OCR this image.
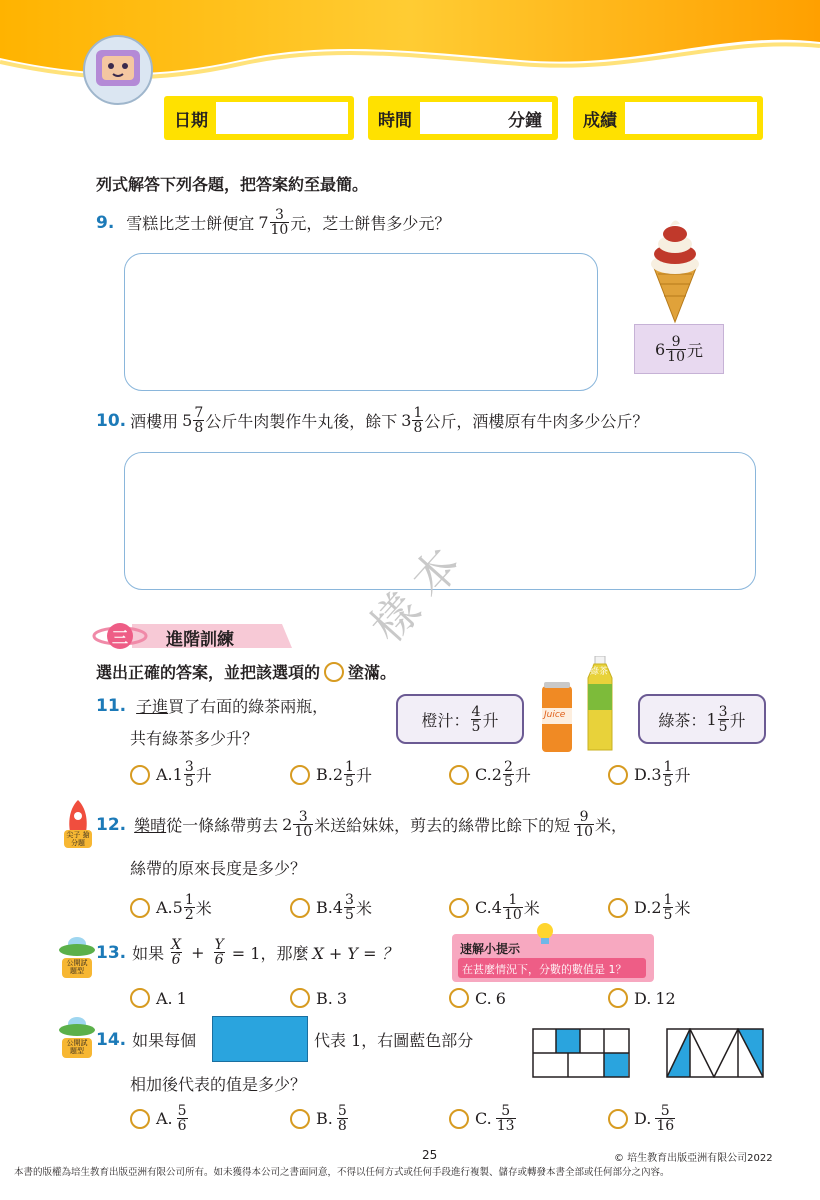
日期	時間	分鐘 成績
列式解答下列各題，把答案約至最簡。
9. 雪糕比芝士餅便宜 $7 \frac{3}{10}$ 元，芝士餅售多少元？
$6 \frac{9}{10}$ 元
10. 酒樓用 $5 \frac{7}{8}$ 公斤牛肉製作牛丸後，餘下 $3 \frac{1}{8}$ 公斤，酒樓原有牛肉多少公斤？
樣 本
三 進階訓練
選出正確的答案，並把該選項的 塗滿。
11. 子進 買了右面的綠茶兩瓶，
共有綠茶多少升？
橙汁： $\frac{4}{5}$ 升	Juice
綠茶
綠茶： $1 \frac{3}{5}$ 升
A. $1 \frac{3}{5}$ 升	B. $2 \frac{1}{5}$ 升	C. $2 \frac{2}{5}$ 升	D. $3 \frac{1}{5}$ 升
尖子 搶分題
12. 樂晴 從一條絲帶剪去 $2 \frac{3}{10}$ 米送給妹妹，剪去的絲帶比餘下的短 $\frac{9}{10}$ 米，
絲帶的原來長度是多少？
A. $5 \frac{1}{2}$ 米	B. $4 \frac{3}{5}$ 米	C. $4 \frac{1}{10}$ 米	D. $2 \frac{1}{5}$ 米
公開試 題型
13. 如果 $\frac{X}{6} + \frac{Y}{6} = 1$，那麼 X + Y = ？	速解小提示
在甚麼情況下，分數的數值是 1？
A. 1	B. 3	C. 6	D. 12
公開試 題型
14. 如果每個	代表 1，右圖藍色部分
相加後代表的值是多少？
A. $\frac{5}{6}$	B. $\frac{5}{8}$	C. $\frac{5}{13}$	D. $\frac{5}{16}$
25	© 培生教育出版亞洲有限公司2022
本書的版權為培生教育出版亞洲有限公司所有。如未獲得本公司之書面同意，不得以任何方式或任何手段進行複製、儲存或轉發本書全部或任何部分之內容。
